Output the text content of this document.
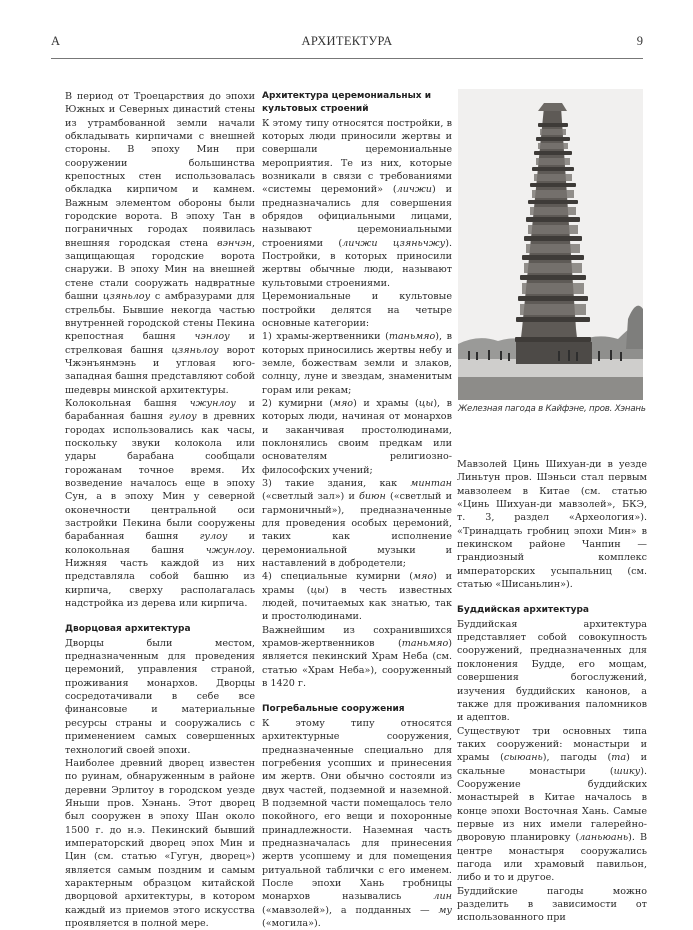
А	АРХИТЕКТУРА	9

В период от Троецарствия до эпохи Южных и Северных династий стены из утрамбованной земли начали обкладывать кирпичами с внешней стороны. В эпоху Мин при сооружении большинства крепостных стен использовалась обкладка кирпичом и камнем. Важным элементом обороны были городские ворота. В эпоху Тан в пограничных городах появилась внешняя городская стена вэнчэн, защищающая городские ворота снаружи. В эпоху Мин на внешней стене стали сооружать надвратные башни цзяньлоу с амбразурами для стрельбы. Бывшие некогда частью внутренней городской стены Пекина крепостная башня чэнлоу и стрелковая башня цзяньлоу ворот Чжэнъянмэнь и угловая юго-западная башня представляют собой шедевры минской архитектуры.

Колокольная башня чжунлоу и барабанная башня гулоу в древних городах использовались как часы, поскольку звуки колокола или удары барабана сообщали горожанам точное время. Их возведение началось еще в эпоху Сун, а в эпоху Мин у северной оконечности центральной оси застройки Пекина были сооружены барабанная башня гулоу и колокольная башня чжунлоу. Нижняя часть каждой из них представляла собой башню из кирпича, сверху располагалась надстройка из дерева или кирпича.

Дворцовая архитектура

Дворцы были местом, предназначенным для проведения церемоний, управления страной, проживания монархов. Дворцы сосредотачивали в себе все финансовые и материальные ресурсы страны и сооружались с применением самых совершенных технологий своей эпохи.

Наиболее древний дворец известен по руинам, обнаруженным в районе деревни Эрлитоу в городском уезде Яньши пров. Хэнань. Этот дворец был сооружен в эпоху Шан около 1500 г. до н.э. Пекинский бывший императорский дворец эпох Мин и Цин (см. статью «Гугун, дворец») является самым поздним и самым характерным образцом китайской дворцовой архитектуры, в котором каждый из приемов этого искусства проявляется в полной мере.

Архитектура церемониальных и культовых строений

К этому типу относятся постройки, в которых люди приносили жертвы и совершали церемониальные мероприятия. Те из них, которые возникали в связи с требованиями «системы церемоний» (личжи) и предназначались для совершения обрядов официальными лицами, называют церемониальными строениями (личжи цзяньчжу). Постройки, в которых приносили жертвы обычные люди, называют культовыми строениями.

Церемониальные и культовые постройки делятся на четыре основные категории:

1) храмы-жертвенники (таньмяо), в которых приносились жертвы небу и земле, божествам земли и злаков, солнцу, луне и звездам, знаменитым горам или рекам;

2) кумирни (мяо) и храмы (цы), в которых люди, начиная от монархов и заканчивая простолюдинами, поклонялись своим предкам или основателям религиозно-философских учений;

3) такие здания, как минтан («светлый зал») и биюн («светлый и гармоничный»), предназначенные для проведения особых церемоний, таких как исполнение церемониальной музыки и наставлений в добродетели;

4) специальные кумирни (мяо) и храмы (цы) в честь известных людей, почитаемых как знатью, так и простолюдинами.

Важнейшим из сохранившихся храмов-жертвенников (таньмяо) является пекинский Храм Неба (см. статью «Храм Неба»), сооруженный в 1420 г.

Погребальные сооружения

К этому типу относятся архитектурные сооружения, предназначенные специально для погребения усопших и принесения им жертв. Они обычно состояли из двух частей, подземной и наземной. В подземной части помещалось тело покойного, его вещи и похоронные принадлежности. Наземная часть предназначалась для принесения жертв усопшему и для помещения ритуальной таблички с его именем. После эпохи Хань гробницы монархов назывались лин («мавзолей»), а подданных — му («могила»).

Железная пагода в Кайфэне, пров. Хэнань

Мавзолей Цинь Шихуан-ди в уезде Линьтун пров. Шэньси стал первым мавзолеем в Китае (см. статью «Цинь Шихуан-ди мавзолей», БКЭ, т. 3, раздел «Археология»). «Тринадцать гробниц эпохи Мин» в пекинском районе Чанпин — грандиозный комплекс императорских усыпальниц (см. статью «Шисаньлин»).

Буддийская архитектура

Буддийская архитектура представляет собой совокупность сооружений, предназначенных для поклонения Будде, его мощам, совершения богослужений, изучения буддийских канонов, а также для проживания паломников и адептов.

Существуют три основных типа таких сооружений: монастыри и храмы (сыюань), пагоды (та) и скальные монастыри (шику). Сооружение буддийских монастырей в Китае началось в конце эпохи Восточная Хань. Самые первые из них имели галерейно-дворовую планировку (ланьюань). В центре монастыря сооружались пагода или храмовый павильон, либо и то и другое.

Буддийские пагоды можно разделить в зависимости от использованного при
